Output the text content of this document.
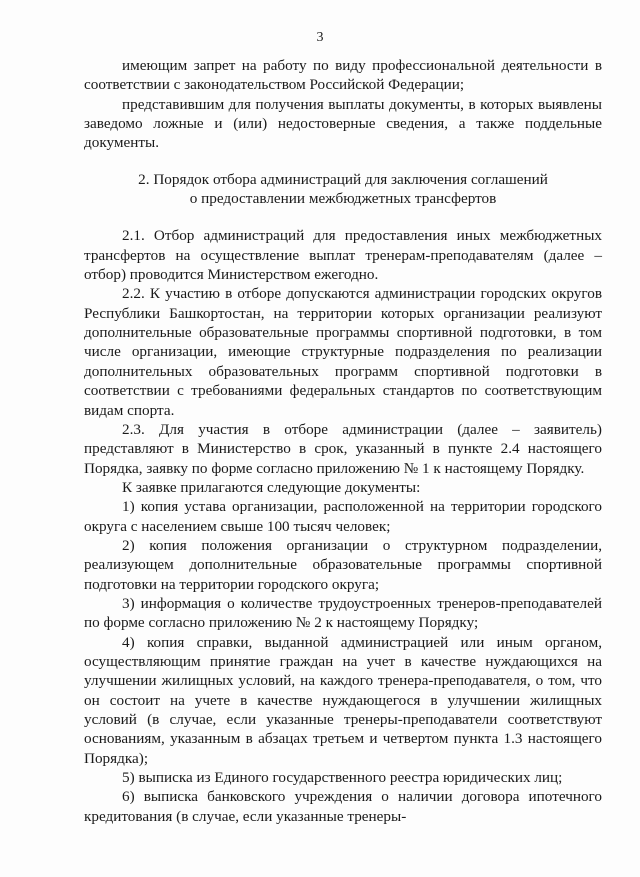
3

имеющим запрет на работу по виду профессиональной деятельности в соответствии с законодательством Российской Федерации;

представившим для получения выплаты документы, в которых выявлены заведомо ложные и (или) недостоверные сведения, а также поддельные документы.

2. Порядок отбора администраций для заключения соглашений
о предоставлении межбюджетных трансфертов

2.1. Отбор администраций для предоставления иных межбюджетных трансфертов на осуществление выплат тренерам-преподавателям (далее – отбор) проводится Министерством ежегодно.

2.2. К участию в отборе допускаются администрации городских округов Республики Башкортостан, на территории которых организации реализуют дополнительные образовательные программы спортивной подготовки, в том числе организации, имеющие структурные подразделения по реализации дополнительных образовательных программ спортивной подготовки в соответствии с требованиями федеральных стандартов по соответствующим видам спорта.

2.3. Для участия в отборе администрации (далее – заявитель) представляют в Министерство в срок, указанный в пункте 2.4 настоящего Порядка, заявку по форме согласно приложению № 1 к настоящему Порядку.

К заявке прилагаются следующие документы:

1) копия устава организации, расположенной на территории городского округа с населением свыше 100 тысяч человек;

2) копия положения организации о структурном подразделении, реализующем дополнительные образовательные программы спортивной подготовки на территории городского округа;

3) информация о количестве трудоустроенных тренеров-преподавателей по форме согласно приложению № 2 к настоящему Порядку;

4) копия справки, выданной администрацией или иным органом, осуществляющим принятие граждан на учет в качестве нуждающихся на улучшении жилищных условий, на каждого тренера-преподавателя, о том, что он состоит на учете в качестве нуждающегося в улучшении жилищных условий (в случае, если указанные тренеры-преподаватели соответствуют основаниям, указанным в абзацах третьем и четвертом пункта 1.3 настоящего Порядка);

5) выписка из Единого государственного реестра юридических лиц;

6) выписка банковского учреждения о наличии договора ипотечного кредитования (в случае, если указанные тренеры-
